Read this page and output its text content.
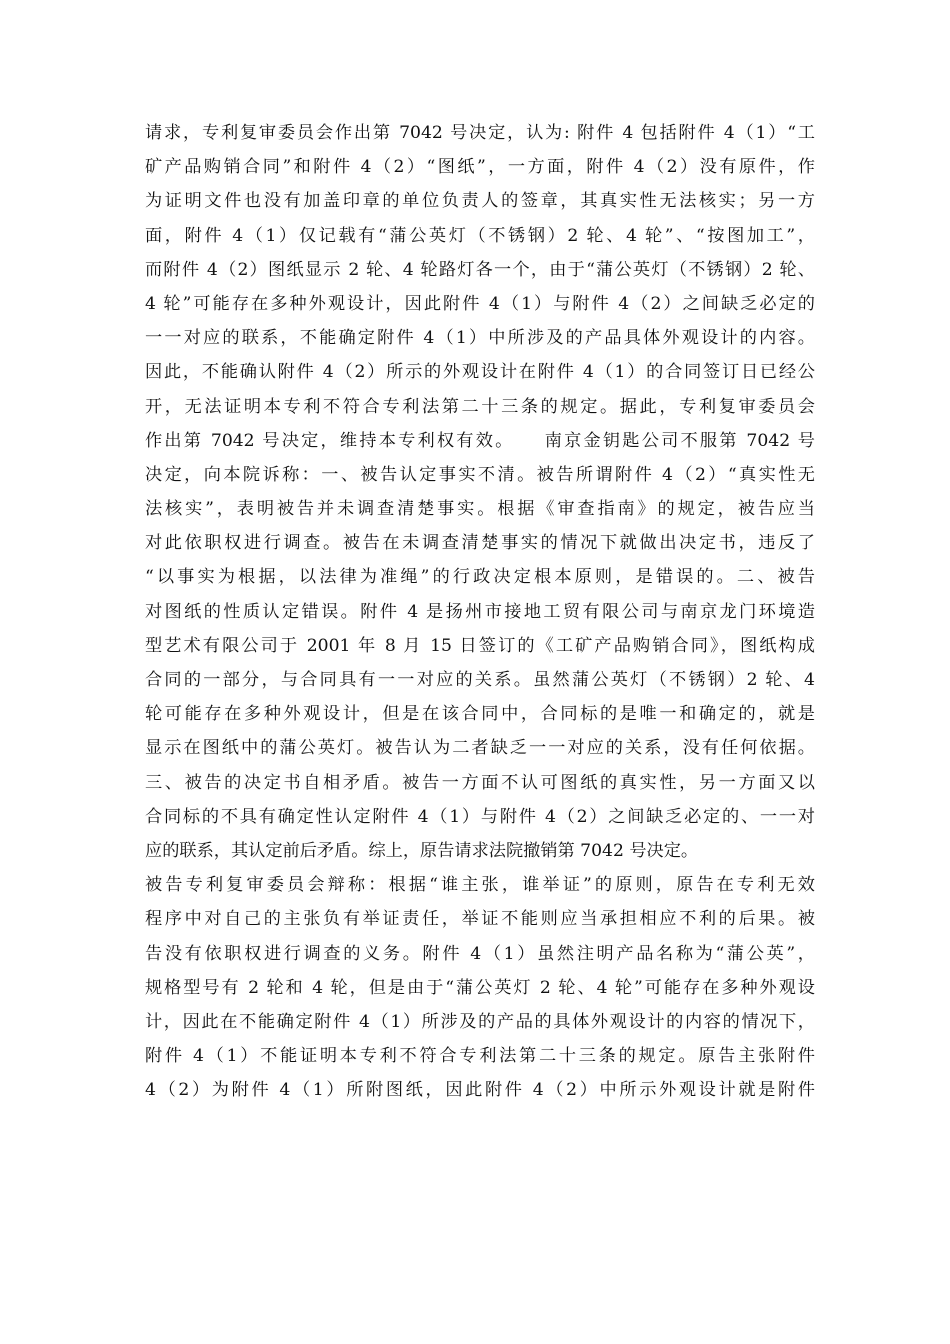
请求，专利复审委员会作出第 7042 号决定，认为: 附件 4 包括附件 4（1）“工
矿产品购销合同”和附件 4（2）“图纸”，一方面，附件 4（2）没有原件，作
为证明文件也没有加盖印章的单位负责人的签章，其真实性无法核实；另一方
面，附件 4（1）仅记载有“蒲公英灯（不锈钢）2 轮、4 轮”、“按图加工”，
而附件 4（2）图纸显示 2 轮、4 轮路灯各一个，由于“蒲公英灯（不锈钢）2 轮、
4 轮”可能存在多种外观设计，因此附件 4（1）与附件 4（2）之间缺乏必定的
一一对应的联系，不能确定附件 4（1）中所涉及的产品具体外观设计的内容。
因此，不能确认附件 4（2）所示的外观设计在附件 4（1）的合同签订日已经公
开，无法证明本专利不符合专利法第二十三条的规定。据此，专利复审委员会
作出第 7042 号决定，维持本专利权有效。　　南京金钥匙公司不服第 7042 号
决定，向本院诉称：一、被告认定事实不清。被告所谓附件 4（2）“真实性无
法核实”，表明被告并未调查清楚事实。根据《审查指南》的规定，被告应当
对此依职权进行调查。被告在未调查清楚事实的情况下就做出决定书，违反了
“以事实为根据，以法律为准绳”的行政决定根本原则，是错误的。二、被告
对图纸的性质认定错误。附件 4 是扬州市接地工贸有限公司与南京龙门环境造
型艺术有限公司于 2001 年 8 月 15 日签订的《工矿产品购销合同》，图纸构成
合同的一部分，与合同具有一一对应的关系。虽然蒲公英灯（不锈钢）2 轮、4
轮可能存在多种外观设计，但是在该合同中，合同标的是唯一和确定的，就是
显示在图纸中的蒲公英灯。被告认为二者缺乏一一对应的关系，没有任何依据。
三、被告的决定书自相矛盾。被告一方面不认可图纸的真实性，另一方面又以
合同标的不具有确定性认定附件 4（1）与附件 4（2）之间缺乏必定的、一一对
应的联系，其认定前后矛盾。综上，原告请求法院撤销第 7042 号决定。
被告专利复审委员会辩称：根据“谁主张，谁举证”的原则，原告在专利无效
程序中对自己的主张负有举证责任，举证不能则应当承担相应不利的后果。被
告没有依职权进行调查的义务。附件 4（1）虽然注明产品名称为“蒲公英”，
规格型号有 2 轮和 4 轮，但是由于“蒲公英灯 2 轮、4 轮”可能存在多种外观设
计，因此在不能确定附件 4（1）所涉及的产品的具体外观设计的内容的情况下，
附件 4（1）不能证明本专利不符合专利法第二十三条的规定。原告主张附件
4（2）为附件 4（1）所附图纸，因此附件 4（2）中所示外观设计就是附件
